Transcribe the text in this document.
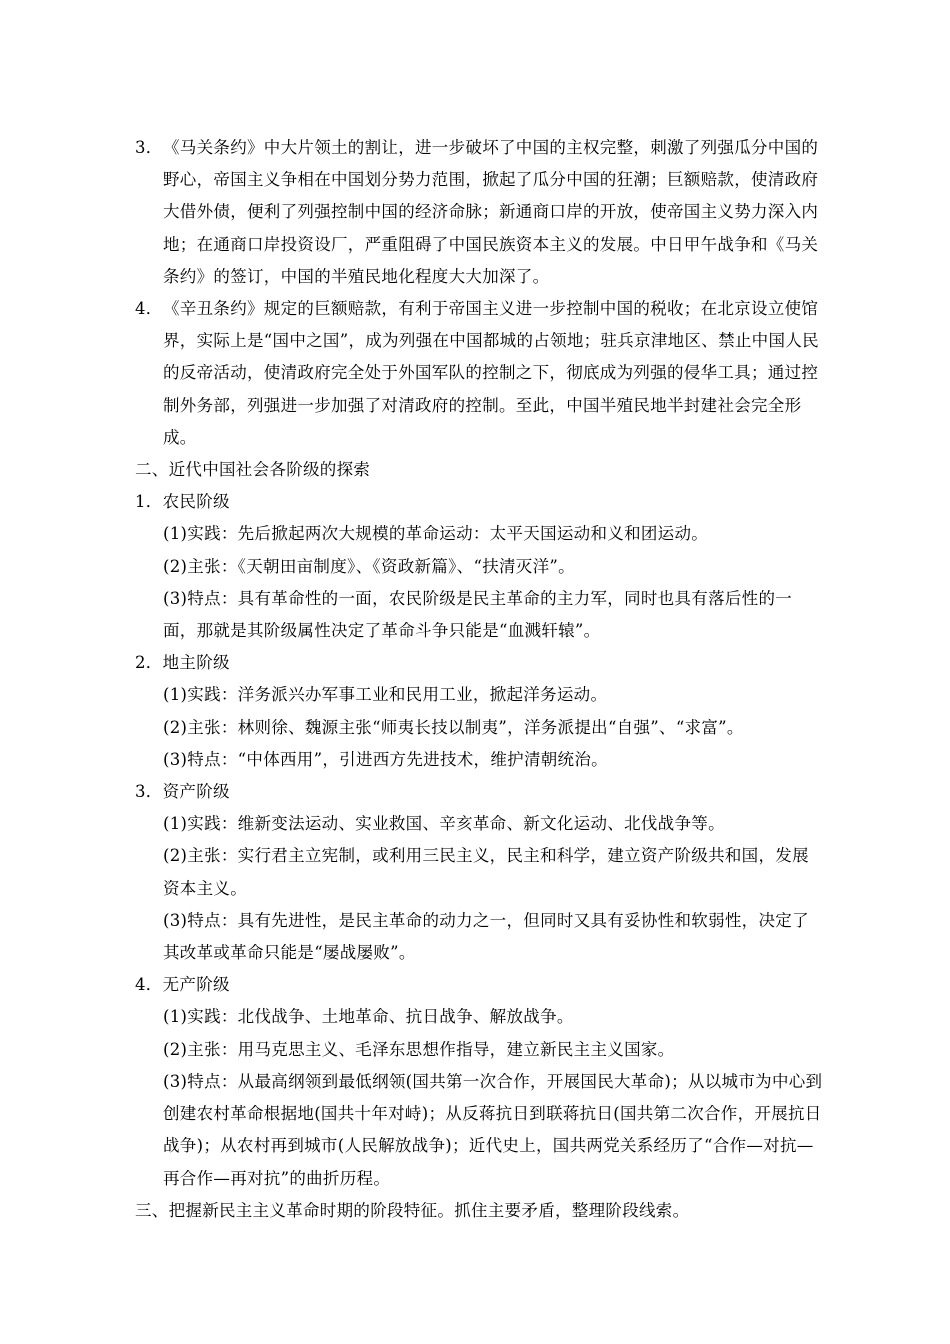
3． 《马关条约》中大片领土的割让，进一步破坏了中国的主权完整，刺激了列强瓜分中国的野心，帝国主义争相在中国划分势力范围，掀起了瓜分中国的狂潮；巨额赔款，使清政府大借外债，便利了列强控制中国的经济命脉；新通商口岸的开放，使帝国主义势力深入内地；在通商口岸投资设厂，严重阻碍了中国民族资本主义的发展。中日甲午战争和《马关条约》的签订，中国的半殖民地化程度大大加深了。

4． 《辛丑条约》规定的巨额赔款，有利于帝国主义进一步控制中国的税收；在北京设立使馆界，实际上是“国中之国”，成为列强在中国都城的占领地；驻兵京津地区、禁止中国人民的反帝活动，使清政府完全处于外国军队的控制之下，彻底成为列强的侵华工具；通过控制外务部，列强进一步加强了对清政府的控制。至此，中国半殖民地半封建社会完全形成。

二、近代中国社会各阶级的探索

1．农民阶级

(1)实践：先后掀起两次大规模的革命运动：太平天国运动和义和团运动。

(2)主张：《天朝田亩制度》、《资政新篇》、“扶清灭洋”。

(3)特点：具有革命性的一面，农民阶级是民主革命的主力军，同时也具有落后性的一面，那就是其阶级属性决定了革命斗争只能是“血溅轩辕”。

2．地主阶级

(1)实践：洋务派兴办军事工业和民用工业，掀起洋务运动。

(2)主张：林则徐、魏源主张“师夷长技以制夷”，洋务派提出“自强”、“求富”。

(3)特点：“中体西用”，引进西方先进技术，维护清朝统治。

3．资产阶级

(1)实践：维新变法运动、实业救国、辛亥革命、新文化运动、北伐战争等。

(2)主张：实行君主立宪制，或利用三民主义，民主和科学，建立资产阶级共和国，发展资本主义。

(3)特点：具有先进性，是民主革命的动力之一，但同时又具有妥协性和软弱性，决定了其改革或革命只能是“屡战屡败”。

4．无产阶级

(1)实践：北伐战争、土地革命、抗日战争、解放战争。

(2)主张：用马克思主义、毛泽东思想作指导，建立新民主主义国家。

(3)特点：从最高纲领到最低纲领(国共第一次合作，开展国民大革命)；从以城市为中心到创建农村革命根据地(国共十年对峙)；从反蒋抗日到联蒋抗日(国共第二次合作，开展抗日战争)；从农村再到城市(人民解放战争)；近代史上，国共两党关系经历了“合作—对抗—再合作—再对抗”的曲折历程。

三、把握新民主主义革命时期的阶段特征。抓住主要矛盾，整理阶段线索。
